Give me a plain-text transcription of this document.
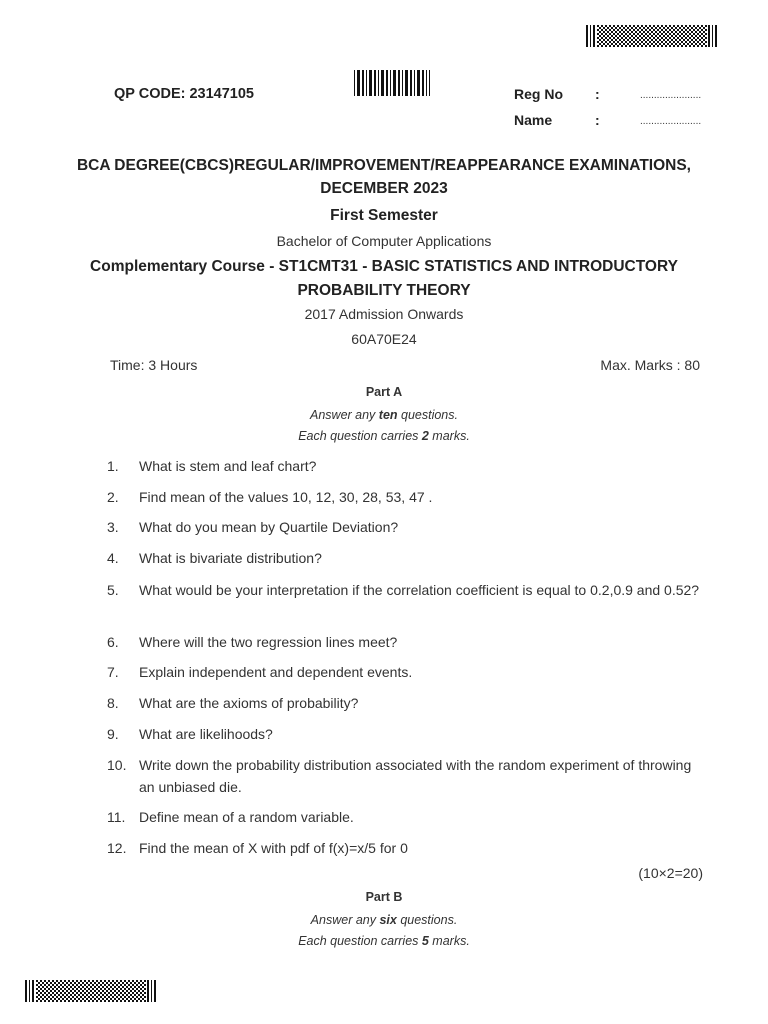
QP CODE: 23147105	Reg No :	......................
Name	:	......................
BCA DEGREE(CBCS)REGULAR/IMPROVEMENT/REAPPEARANCE EXAMINATIONS,
DECEMBER 2023
First Semester
Bachelor of Computer Applications
Complementary Course - ST1CMT31 - BASIC STATISTICS AND INTRODUCTORY
PROBABILITY THEORY
2017 Admission Onwards
60A70E24
Time: 3 Hours	Max. Marks : 80
Part A
Answer any ten questions.
Each question carries 2 marks.
1.	What is stem and leaf chart?
2.	Find mean of the values 10, 12, 30, 28, 53, 47 .
3.	What do you mean by Quartile Deviation?
4.	What is bivariate distribution?
5.	What would be your interpretation if the correlation coefficient is equal to 0.2,0.9 and 0.52?
6.	Where will the two regression lines meet?
7.	Explain independent and dependent events.
8.	What are the axioms of probability?
9.	What are likelihoods?
10. Write down the probability distribution associated with the random experiment of throwing an unbiased die.
11. Define mean of a random variable.
12. Find the mean of X with pdf of f(x)=x/5 for 0
(10×2=20)
Part B
Answer any six questions.
Each question carries 5 marks.
